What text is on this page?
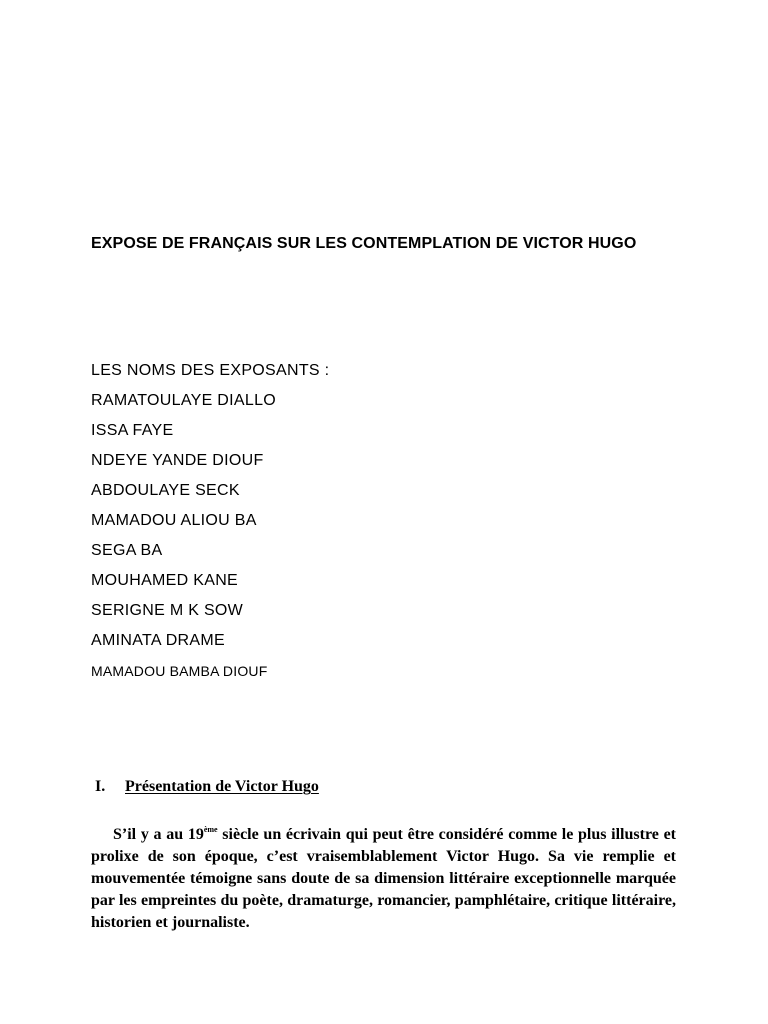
EXPOSE DE FRANÇAIS SUR LES CONTEMPLATION DE VICTOR HUGO
LES NOMS DES EXPOSANTS :
RAMATOULAYE DIALLO
ISSA FAYE
NDEYE YANDE DIOUF
ABDOULAYE SECK
MAMADOU ALIOU BA
SEGA BA
MOUHAMED KANE
SERIGNE M K SOW
AMINATA DRAME
MAMADOU BAMBA DIOUF
I. Présentation de Victor Hugo

S’il y a au 19ème siècle un écrivain qui peut être considéré comme le plus illustre et prolixe de son époque, c’est vraisemblablement Victor Hugo. Sa vie remplie et mouvementée témoigne sans doute de sa dimension littéraire exceptionnelle marquée par les empreintes du poète, dramaturge, romancier, pamphlétaire, critique littéraire, historien et journaliste.
